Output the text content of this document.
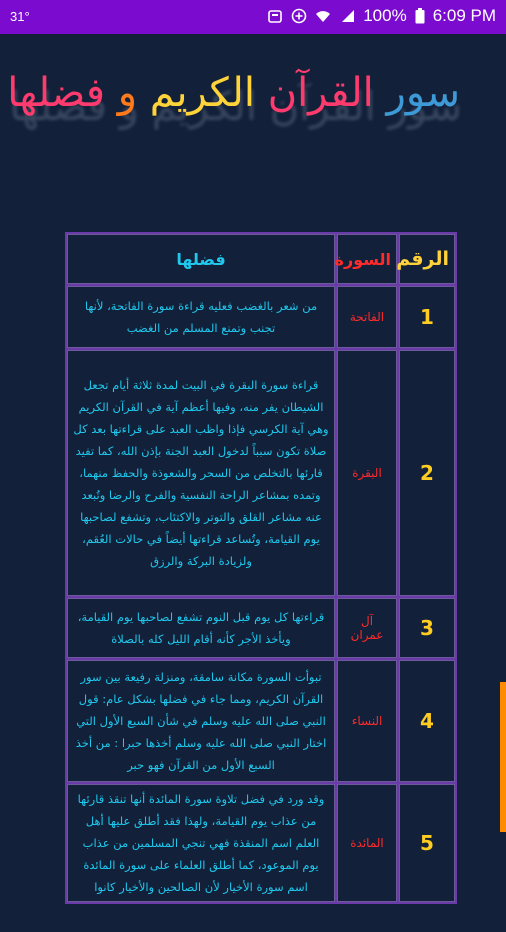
31°	100% 6:09 PM
سور القرآن الكريم و فضلها
الرقم	السورة	فضلها
1	الفاتحة	من شعر بالغضب فعليه قراءة سورة الفاتحة، لأنها تجنب وتمنع المسلم من الغضب
2	البقرة	قراءة سورة البقرة في البيت لمدة ثلاثة أيام تجعل الشيطان يفر منه، وفيها أعظم آية في القرآن الكريم وهي آية الكرسي فإذا واظب العبد على قراءتها بعد كل صلاة تكون سبباً لدخول العبد الجنة بإذن الله، كما تفيد قارئها بالتخلص من السحر والشعوذة والحفظ منهما، وتمده بمشاعر الراحة النفسية والفرح والرضا وتُبعد عنه مشاعر القلق والتوتر والاكتئاب، وتشفع لصاحبها يوم القيامة، وتُساعد قراءتها أيضاً في حالات العُقم، ولزيادة البركة والرزق
3	آل عمران	قراءتها كل يوم قبل النوم تشفع لصاحبها يوم القيامة، ويأخذ الأجر كأنه أقام الليل كله بالصلاة
4	النساء	تبوأت السورة مكانة سامقة، ومنزلة رفيعة بين سور القرآن الكريم، ومما جاء في فضلها بشكل عام: قول النبي صلى الله عليه وسلم في شأن السبع الأول التي اختار النبي صلى الله عليه وسلم أخذها حبرا : من أخذ السبع الأول من القرآن فهو حبر
5	المائدة	وقد ورد في فضل تلاوة سورة المائدة أنها تنقذ قارئها من عذاب يوم القيامة، ولهذا فقد أطلق عليها أهل العلم اسم المنقذة فهي تنجي المسلمين من عذاب يوم الموعود، كما أطلق العلماء على سورة المائدة اسم سورة الأخيار لأن الصالحين والأخيار كانوا
